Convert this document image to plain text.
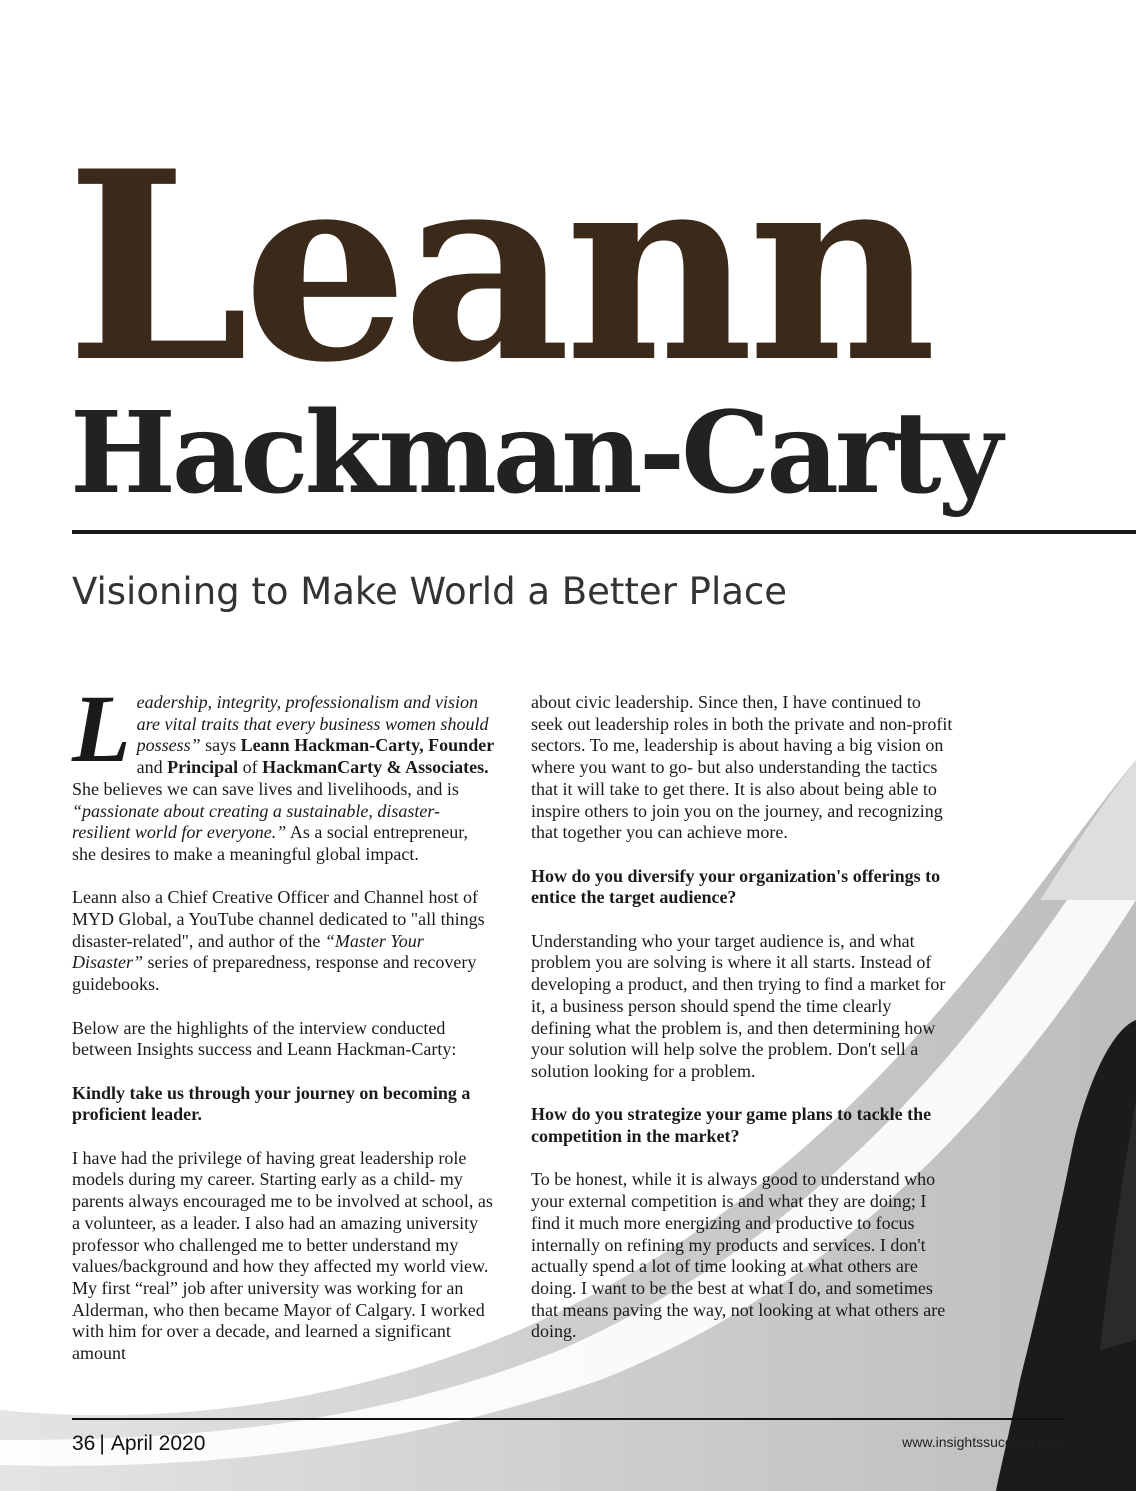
Leann
Hackman-Carty
Visioning to Make World a Better Place

Leadership, integrity, professionalism and vision are vital traits that every business women should possess” says Leann Hackman-Carty, Founder and Principal of HackmanCarty & Associates. She believes we can save lives and livelihoods, and is “passionate about creating a sustainable, disaster-resilient world for everyone.” As a social entrepreneur, she desires to make a meaningful global impact.

Leann also a Chief Creative Officer and Channel host of MYD Global, a YouTube channel dedicated to "all things disaster-related", and author of the “Master Your Disaster” series of preparedness, response and recovery guidebooks.

Below are the highlights of the interview conducted between Insights success and Leann Hackman-Carty:

Kindly take us through your journey on becoming a proficient leader.

I have had the privilege of having great leadership role models during my career. Starting early as a child- my parents always encouraged me to be involved at school, as a volunteer, as a leader. I also had an amazing university professor who challenged me to better understand my values/background and how they affected my world view. My first “real” job after university was working for an Alderman, who then became Mayor of Calgary. I worked with him for over a decade, and learned a significant amount

about civic leadership. Since then, I have continued to seek out leadership roles in both the private and non-profit sectors. To me, leadership is about having a big vision on where you want to go- but also understanding the tactics that it will take to get there. It is also about being able to inspire others to join you on the journey, and recognizing that together you can achieve more.

How do you diversify your organization's offerings to entice the target audience?

Understanding who your target audience is, and what problem you are solving is where it all starts. Instead of developing a product, and then trying to find a market for it, a business person should spend the time clearly defining what the problem is, and then determining how your solution will help solve the problem. Don't sell a solution looking for a problem.

How do you strategize your game plans to tackle the competition in the market?

To be honest, while it is always good to understand who your external competition is and what they are doing; I find it much more energizing and productive to focus internally on refining my products and services. I don't actually spend a lot of time looking at what others are doing. I want to be the best at what I do, and sometimes that means paving the way, not looking at what others are doing.

36 | April 2020	www.insightssuccess.com
